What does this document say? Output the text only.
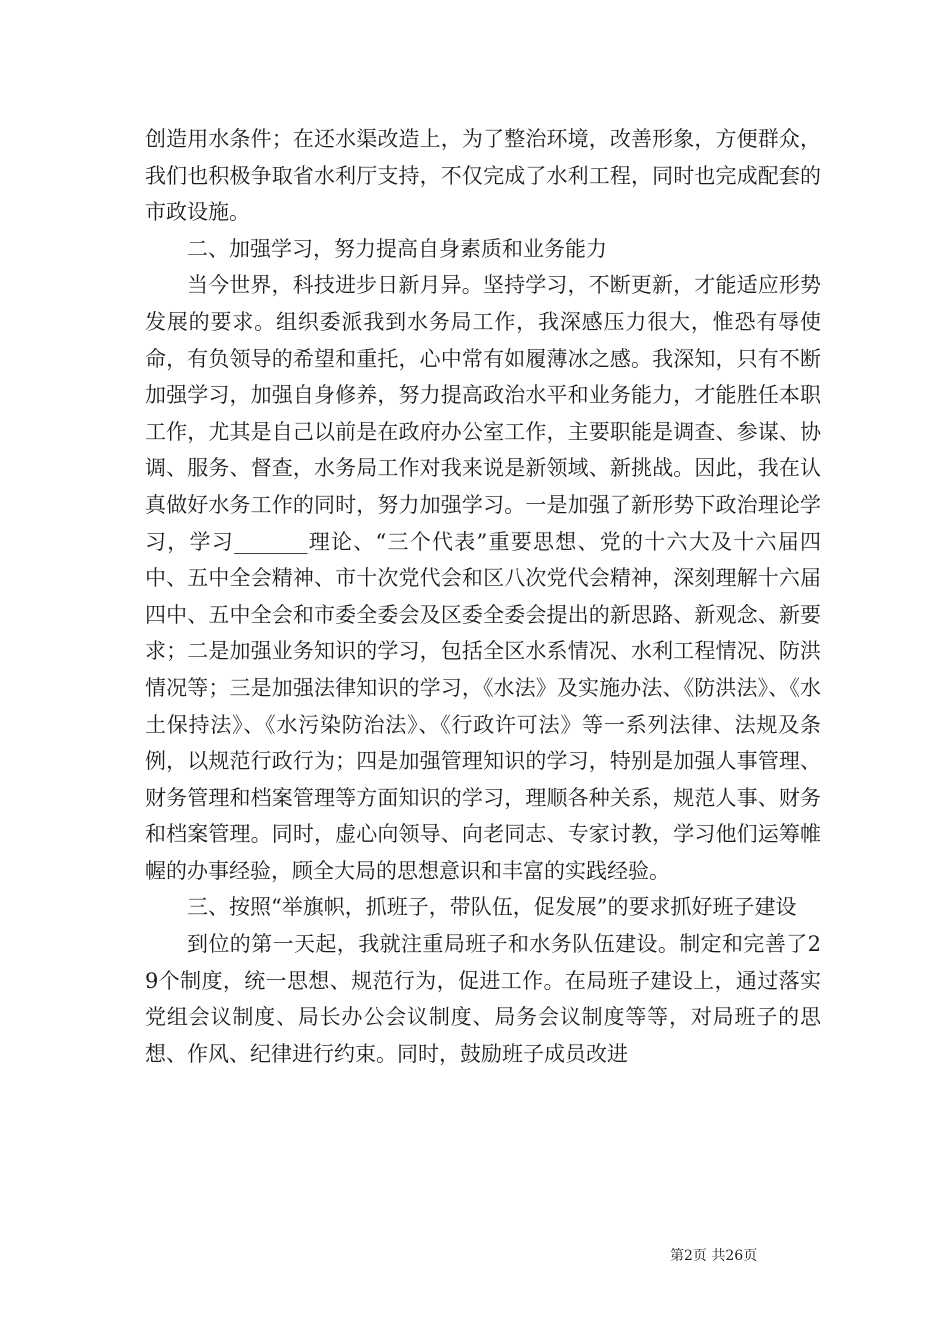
创造用水条件；在还水渠改造上，为了整治环境，改善形象，方便群众，我们也积极争取省水利厅支持，不仅完成了水利工程，同时也完成配套的市政设施。

二、加强学习，努力提高自身素质和业务能力

当今世界，科技进步日新月异。坚持学习，不断更新，才能适应形势发展的要求。组织委派我到水务局工作，我深感压力很大，惟恐有辱使命，有负领导的希望和重托，心中常有如履薄冰之感。我深知，只有不断加强学习，加强自身修养，努力提高政治水平和业务能力，才能胜任本职工作，尤其是自己以前是在政府办公室工作，主要职能是调查、参谋、协调、服务、督查，水务局工作对我来说是新领域、新挑战。因此，我在认真做好水务工作的同时，努力加强学习。一是加强了新形势下政治理论学习，学习_______理论、“三个代表”重要思想、党的十六大及十六届四中、五中全会精神、市十次党代会和区八次党代会精神，深刻理解十六届四中、五中全会和市委全委会及区委全委会提出的新思路、新观念、新要求；二是加强业务知识的学习，包括全区水系情况、水利工程情况、防洪情况等；三是加强法律知识的学习，《水法》及实施办法、《防洪法》、《水土保持法》、《水污染防治法》、《行政许可法》等一系列法律、法规及条例，以规范行政行为；四是加强管理知识的学习，特别是加强人事管理、财务管理和档案管理等方面知识的学习，理顺各种关系，规范人事、财务和档案管理。同时，虚心向领导、向老同志、专家讨教，学习他们运筹帷幄的办事经验，顾全大局的思想意识和丰富的实践经验。

三、按照“举旗帜，抓班子，带队伍，促发展”的要求抓好班子建设

到位的第一天起，我就注重局班子和水务队伍建设。制定和完善了29个制度，统一思想、规范行为，促进工作。在局班子建设上，通过落实党组会议制度、局长办公会议制度、局务会议制度等等，对局班子的思想、作风、纪律进行约束。同时，鼓励班子成员改进

第2页 共26页
